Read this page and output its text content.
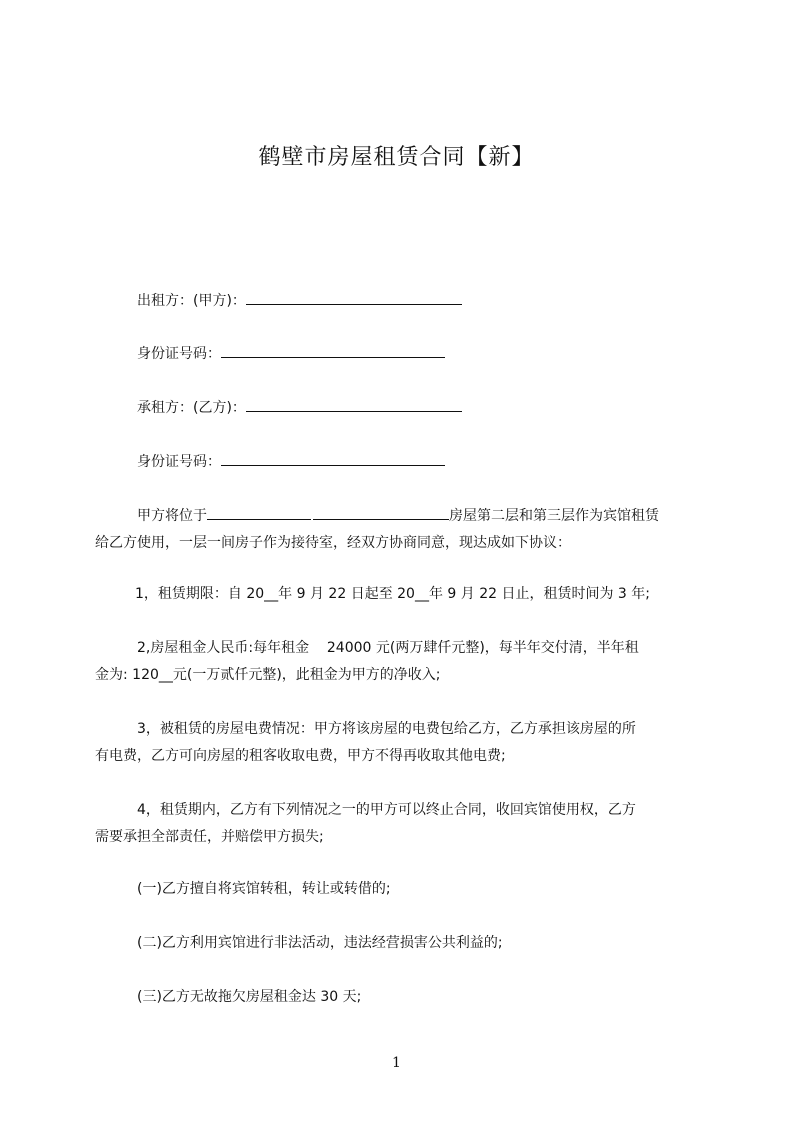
鹤壁市房屋租赁合同【新】

出租方：(甲方)：

身份证号码：

承租方：(乙方)：

身份证号码：

甲方将位于	房屋第二层和第三层作为宾馆租赁

给乙方使用，一层一间房子作为接待室，经双方协商同意，现达成如下协议：

1，租赁期限：自 20__年 9 月 22 日起至 20__年 9 月 22 日止，租赁时间为 3 年;

2,房屋租金人民币:每年租金    24000 元(两万肆仟元整)，每半年交付清，半年租

金为: 120__元(一万贰仟元整)，此租金为甲方的净收入;

3，被租赁的房屋电费情况：甲方将该房屋的电费包给乙方，乙方承担该房屋的所

有电费，乙方可向房屋的租客收取电费，甲方不得再收取其他电费;

4，租赁期内，乙方有下列情况之一的甲方可以终止合同，收回宾馆使用权，乙方

需要承担全部责任，并赔偿甲方损失;

(一)乙方擅自将宾馆转租，转让或转借的;

(二)乙方利用宾馆进行非法活动，违法经营损害公共利益的;

(三)乙方无故拖欠房屋租金达 30 天;

1
